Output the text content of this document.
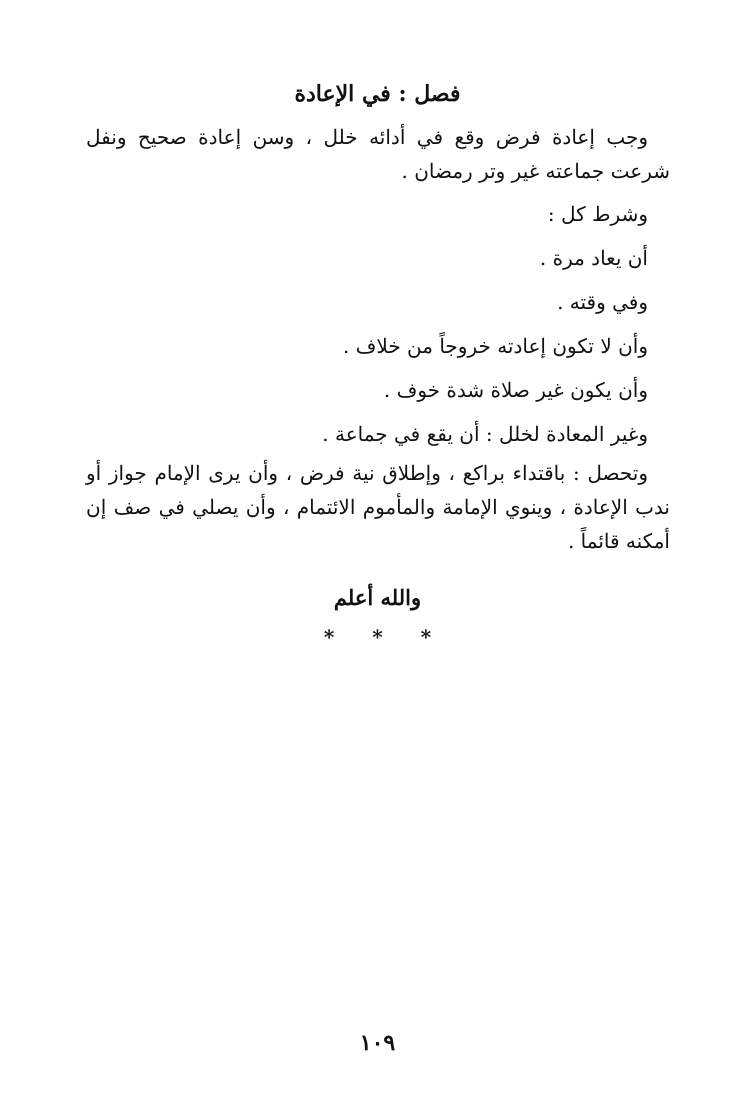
فصل : في الإعادة

وجب إعادة فرض وقع في أدائه خلل ، وسن إعادة صحيح ونفل شرعت جماعته غير وتر رمضان .

وشرط كل :

أن يعاد مرة .

وفي وقته .

وأن لا تكون إعادته خروجاً من خلاف .

وأن يكون غير صلاة شدة خوف .

وغير المعادة لخلل : أن يقع في جماعة .

وتحصل : باقتداء براكع ، وإطلاق نية فرض ، وأن يرى الإمام جواز أو ندب الإعادة ، وينوي الإمامة والمأموم الائتمام ، وأن يصلي في صف إن أمكنه قائماً .

والله أعلم
* * *
١٠٩
